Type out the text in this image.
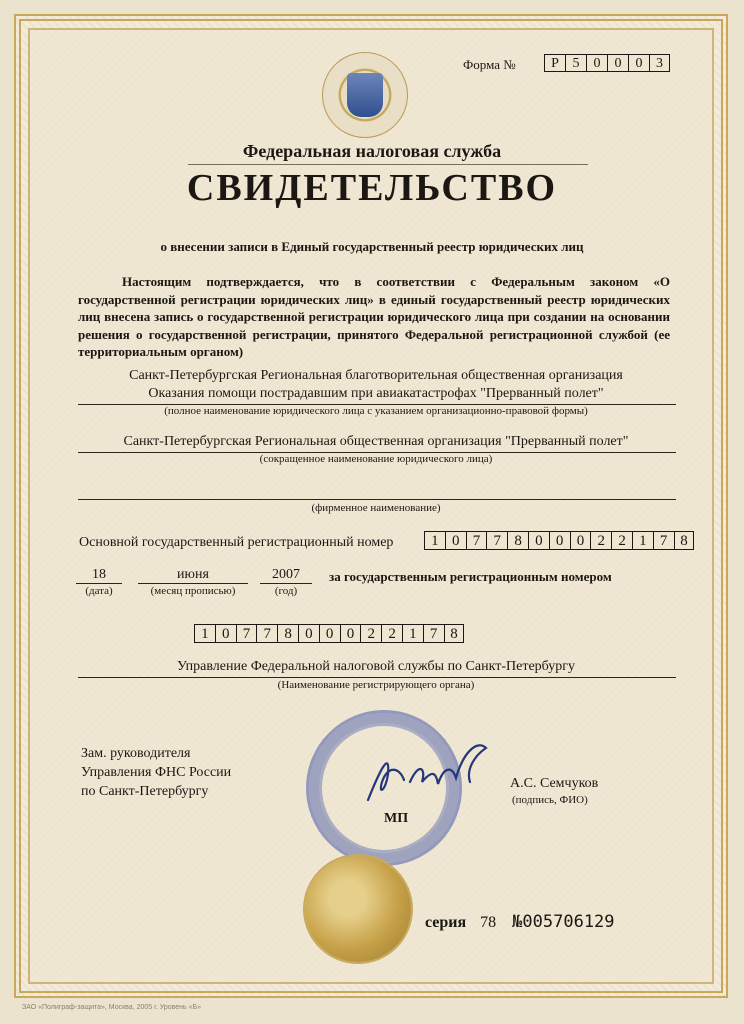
Форма №	Р 5	0	0	0 3
Федеральная налоговая служба
СВИДЕТЕЛЬСТВО
о внесении записи в Единый государственный реестр юридических лиц
Настоящим подтверждается, что в соответствии с Федеральным законом «О государственной регистрации юридических лиц» в единый государственный реестр юридических лиц внесена запись о государственной регистрации юридического лица при создании на основании решения о государственной регистрации, принятого Федеральной регистрационной службой (ее территориальным органом)
Санкт-Петербургская Региональная благотворительная общественная организация
Оказания помощи пострадавшим при авиакатастрофах "Прерванный полет"
(полное наименование юридического лица с указанием организационно-правовой формы)
Санкт-Петербургская Региональная общественная организация "Прерванный полет"
(сокращенное наименование юридического лица)
(фирменное наименование)
Основной государственный регистрационный номер	1 0 7 7 8 0 0 0 2 2 1 7 8
18
(дата)
июня
(месяц прописью)
2007
(год)
за государственным регистрационным номером
1 0 7 7 8 0 0 0 2 2 1 7 8
Управление Федеральной налоговой службы по Санкт-Петербургу
(Наименование регистрирующего органа)
Зам. руководителя
Управления ФНС России
по Санкт-Петербургу
МП
А.С. Семчуков
(подпись, ФИО)
серия 78 №005706129
ЗАО «Полиграф-защита», Москва, 2005 г. Уровень «Б»
